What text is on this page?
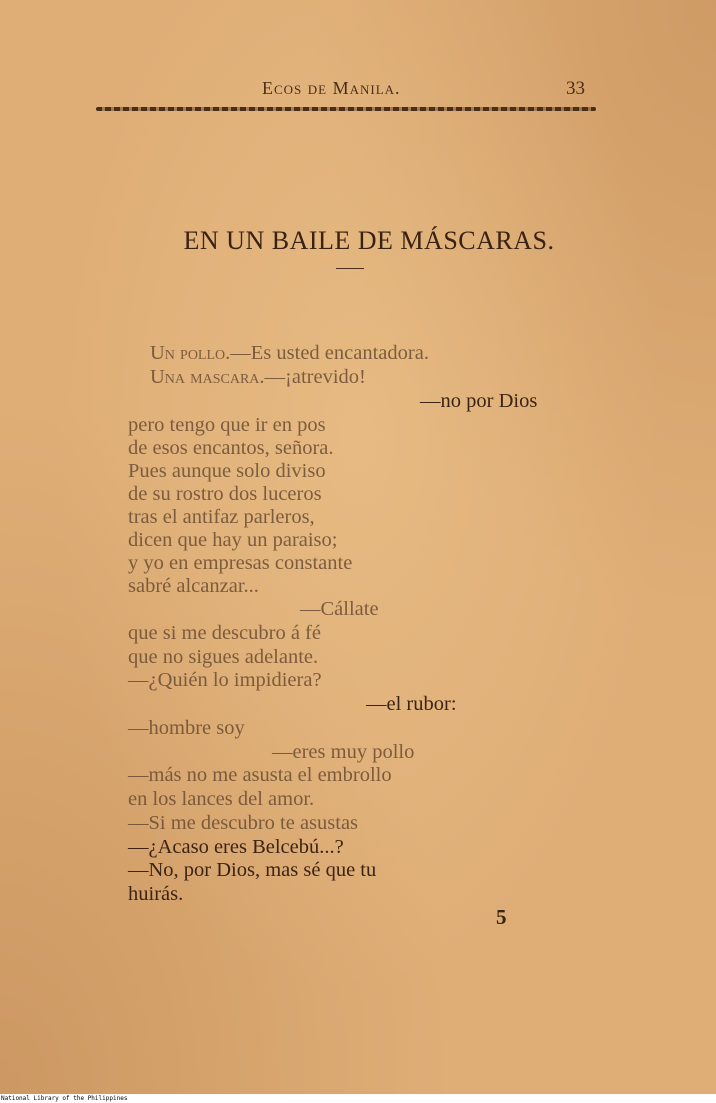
Ecos de Manila.	33
EN UN BAILE DE MÁSCARAS.
Un pollo.—Es usted encantadora.
Una mascara.—¡atrevido!
—no por Dios
pero tengo que ir en pos
de esos encantos, señora.
Pues aunque solo diviso
de su rostro dos luceros
tras el antifaz parleros,
dicen que hay un paraiso;
y yo en empresas constante
sabré alcanzar...
—Cállate
que si me descubro á fé
que no sigues adelante.
—¿Quién lo impidiera?
—el rubor:
—hombre soy
—eres muy pollo
—más no me asusta el embrollo
en los lances del amor.
—Si me descubro te asustas
—¿Acaso eres Belcebú...?
—No, por Dios, mas sé que tu
huirás.
5
National Library of the Philippines
